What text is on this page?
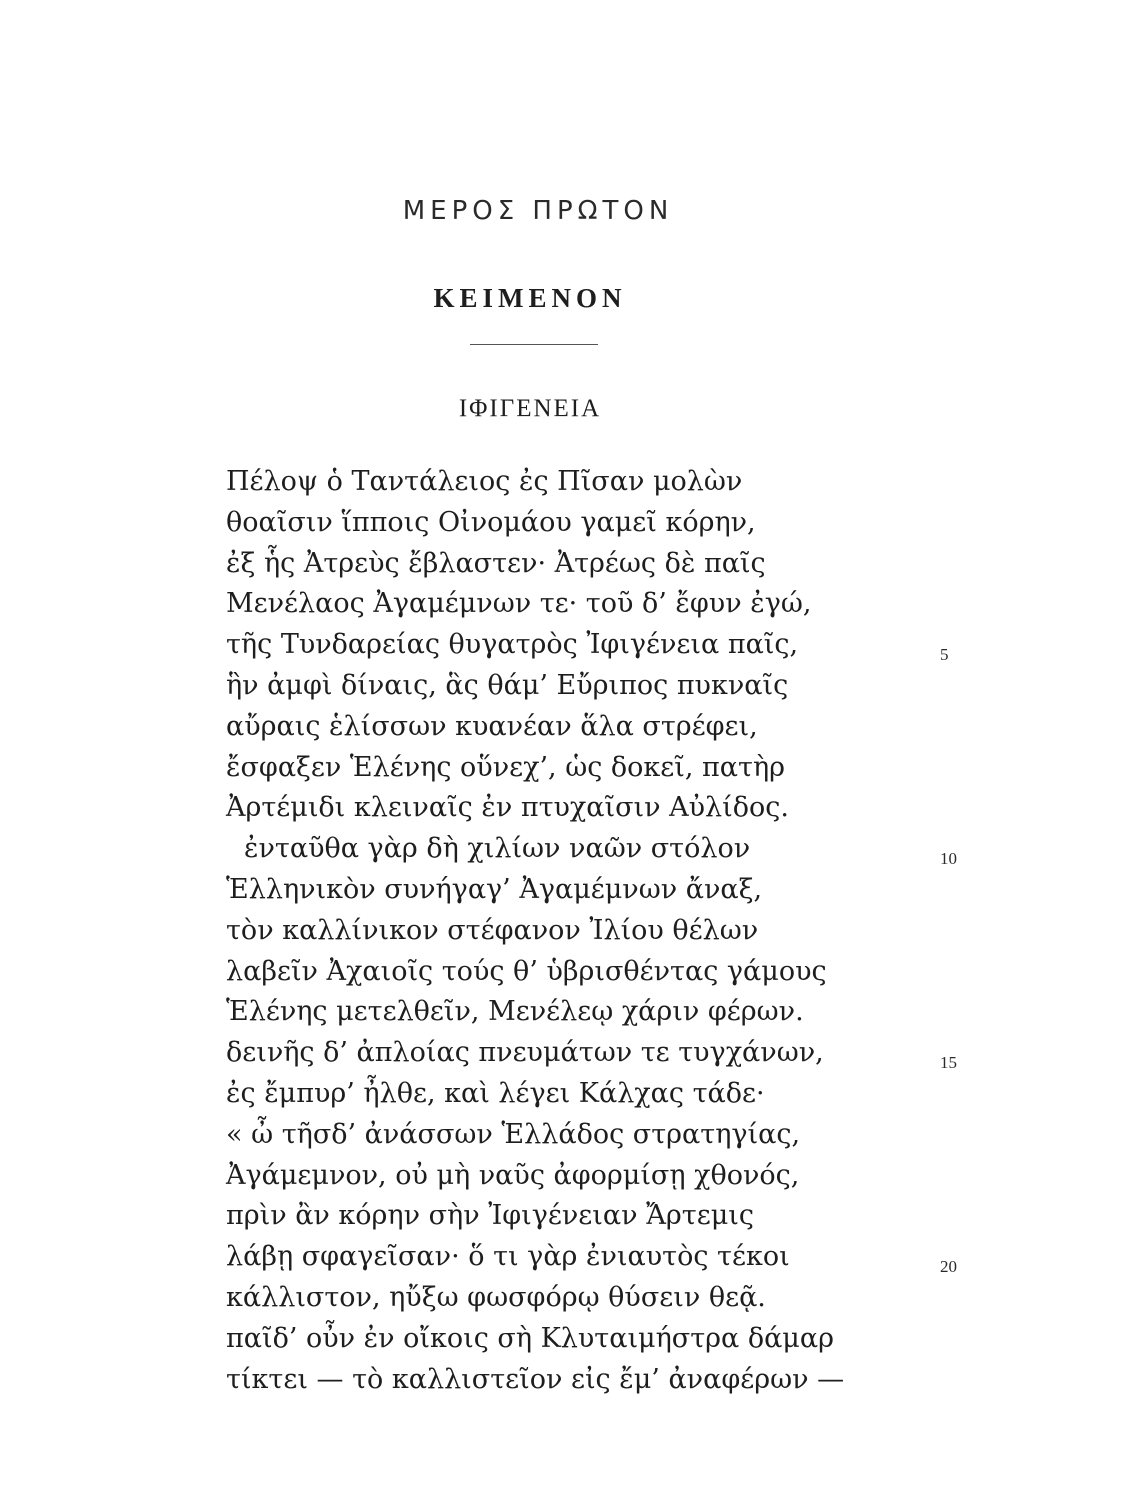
ΜΕΡΟΣ ΠΡΩΤΟΝ
ΚΕΙΜΕΝΟΝ
ΙΦΙΓΕΝΕΙΑ
Πέλοψ ὁ Ταντάλειος ἐς Πῖσαν μολὼν
θοαῖσιν ἵπποις Οἰνομάου γαμεῖ κόρην,
ἐξ ἧς Ἀτρεὺς ἔβλαστεν· Ἀτρέως δὲ παῖς
Μενέλαος Ἀγαμέμνων τε· τοῦ δ’ ἔφυν ἐγώ,
τῆς Τυνδαρείας θυγατρὸς Ἰφιγένεια παῖς,
ἣν ἀμφὶ δίναις, ἃς θάμ’ Εὔριπος πυκναῖς
αὔραις ἑλίσσων κυανέαν ἅλα στρέφει,
ἔσφαξεν Ἑλένης οὕνεχ’, ὡς δοκεῖ, πατὴρ
Ἀρτέμιδι κλειναῖς ἐν πτυχαῖσιν Αὐλίδος.
ἐνταῦθα γὰρ δὴ χιλίων ναῶν στόλον
Ἑλληνικὸν συνήγαγ’ Ἀγαμέμνων ἄναξ,
τὸν καλλίνικον στέφανον Ἰλίου θέλων
λαβεῖν Ἀχαιοῖς τούς θ’ ὑβρισθέντας γάμους
Ἑλένης μετελθεῖν, Μενέλεῳ χάριν φέρων.
δεινῆς δ’ ἀπλοίας πνευμάτων τε τυγχάνων,
ἐς ἔμπυρ’ ἦλθε, καὶ λέγει Κάλχας τάδε·
« ὦ τῆσδ’ ἀνάσσων Ἑλλάδος στρατηγίας,
Ἀγάμεμνον, οὐ μὴ ναῦς ἀφορμίσῃ χθονός,
πρὶν ἂν κόρην σὴν Ἰφιγένειαν Ἄρτεμις
λάβῃ σφαγεῖσαν· ὅ τι γὰρ ἐνιαυτὸς τέκοι
κάλλιστον, ηὔξω φωσφόρῳ θύσειν θεᾷ.
παῖδ’ οὖν ἐν οἴκοις σὴ Κλυταιμήστρα δάμαρ
τίκτει — τὸ καλλιστεῖον εἰς ἔμ’ ἀναφέρων —
5
10
15
20
